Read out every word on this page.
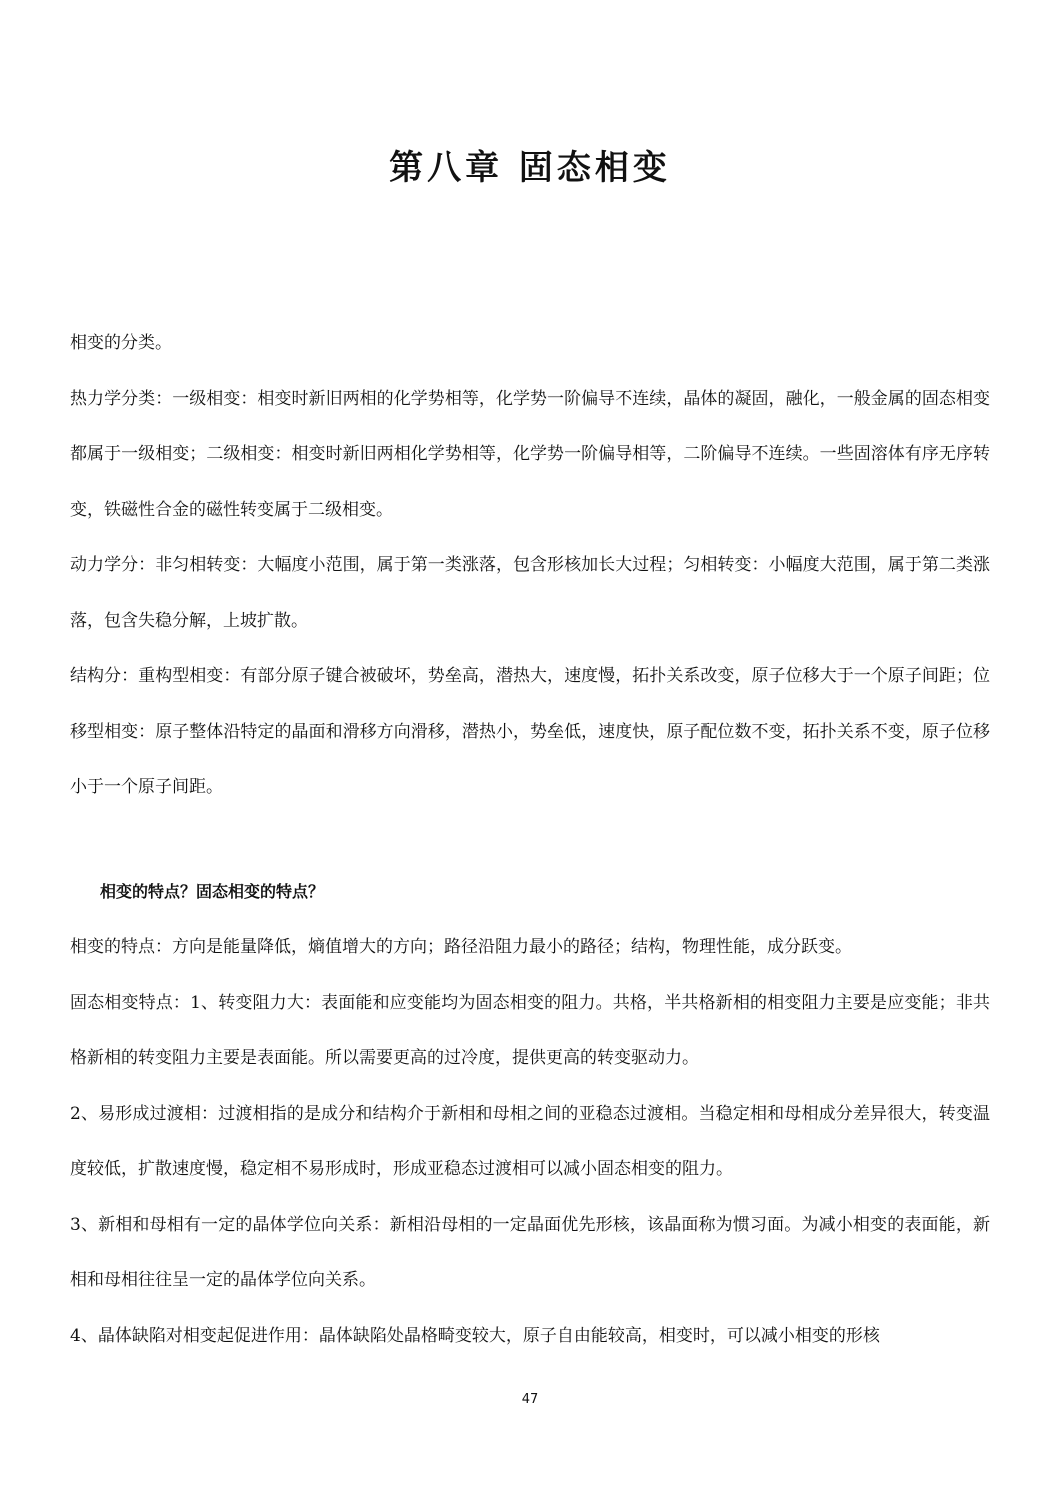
第八章 固态相变

相变的分类。

热力学分类：一级相变：相变时新旧两相的化学势相等，化学势一阶偏导不连续，晶体的凝固，融化，一般金属的固态相变都属于一级相变；二级相变：相变时新旧两相化学势相等，化学势一阶偏导相等，二阶偏导不连续。一些固溶体有序无序转变，铁磁性合金的磁性转变属于二级相变。

动力学分：非匀相转变：大幅度小范围，属于第一类涨落，包含形核加长大过程；匀相转变：小幅度大范围，属于第二类涨落，包含失稳分解，上坡扩散。

结构分：重构型相变：有部分原子键合被破坏，势垒高，潜热大，速度慢，拓扑关系改变，原子位移大于一个原子间距；位移型相变：原子整体沿特定的晶面和滑移方向滑移，潜热小，势垒低，速度快，原子配位数不变，拓扑关系不变，原子位移小于一个原子间距。

相变的特点？固态相变的特点？

相变的特点：方向是能量降低，熵值增大的方向；路径沿阻力最小的路径；结构，物理性能，成分跃变。

固态相变特点：1、转变阻力大：表面能和应变能均为固态相变的阻力。共格，半共格新相的相变阻力主要是应变能；非共格新相的转变阻力主要是表面能。所以需要更高的过冷度，提供更高的转变驱动力。

2、易形成过渡相：过渡相指的是成分和结构介于新相和母相之间的亚稳态过渡相。当稳定相和母相成分差异很大，转变温度较低，扩散速度慢，稳定相不易形成时，形成亚稳态过渡相可以减小固态相变的阻力。

3、新相和母相有一定的晶体学位向关系：新相沿母相的一定晶面优先形核，该晶面称为惯习面。为减小相变的表面能，新相和母相往往呈一定的晶体学位向关系。

4、晶体缺陷对相变起促进作用：晶体缺陷处晶格畸变较大，原子自由能较高，相变时，可以减小相变的形核

47
